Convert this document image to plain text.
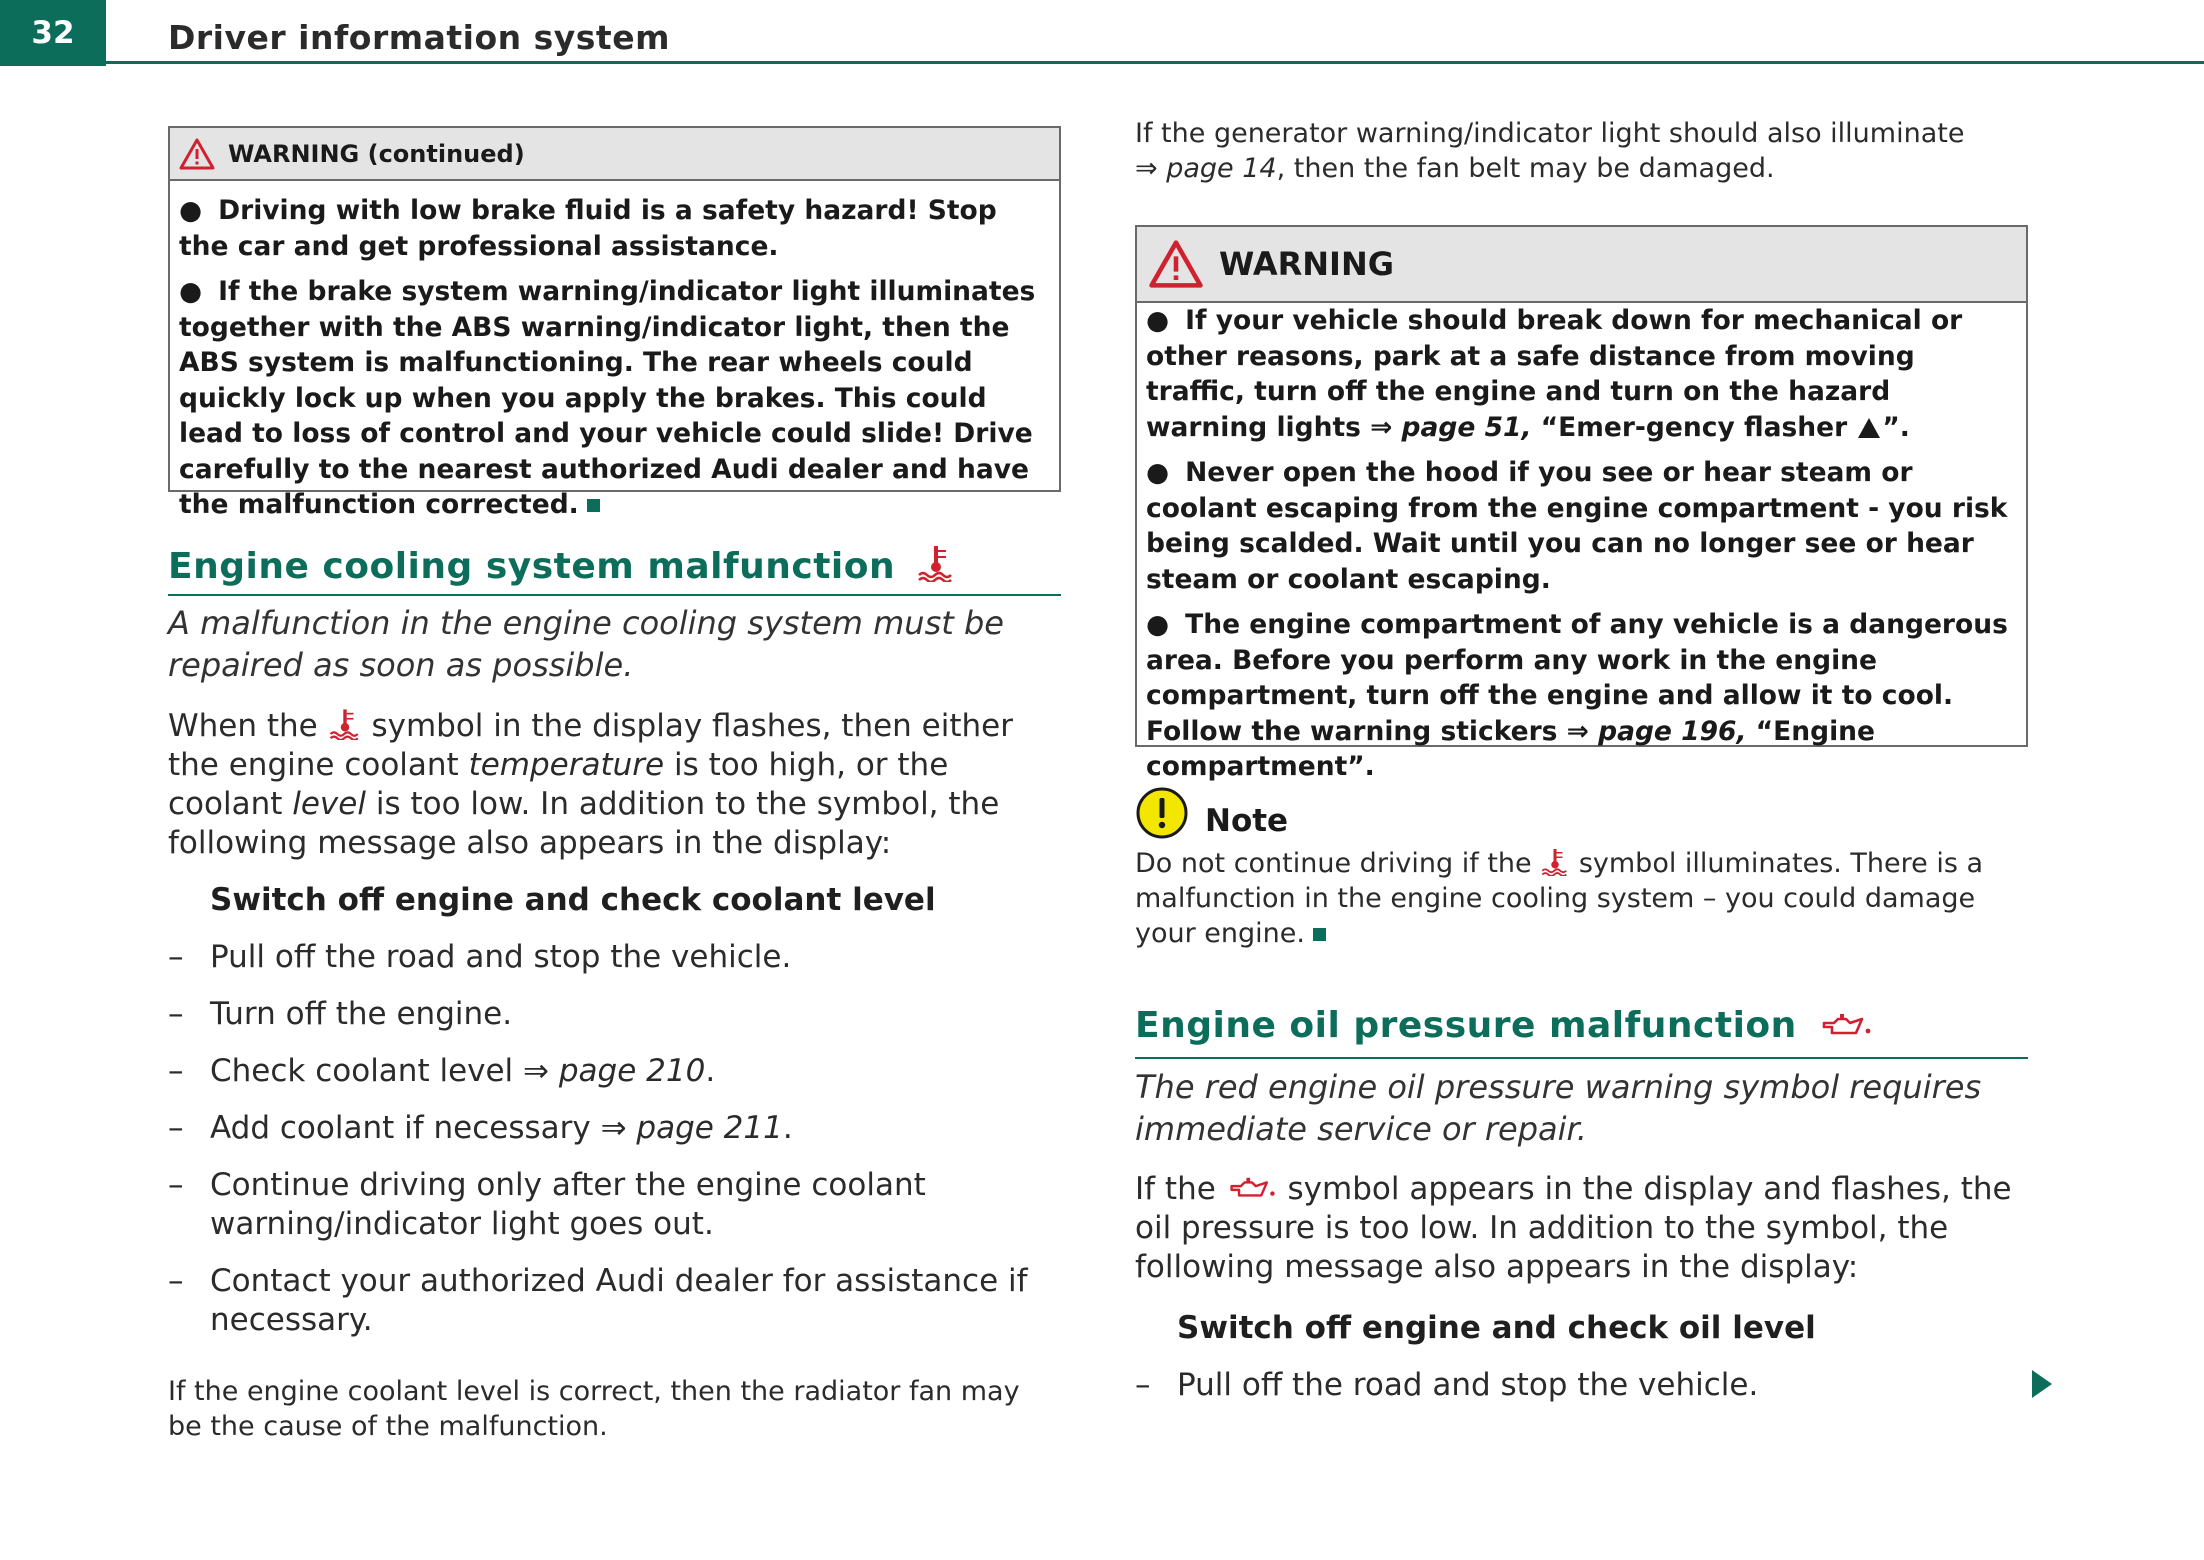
32	Driver information system
WARNING (continued)

● Driving with low brake fluid is a safety hazard! Stop the car and get professional assistance.

● If the brake system warning/indicator light illuminates together with the ABS warning/indicator light, then the ABS system is malfunctioning. The rear wheels could quickly lock up when you apply the brakes. This could lead to loss of control and your vehicle could slide! Drive carefully to the nearest authorized Audi dealer and have the malfunction corrected.

Engine cooling system malfunction

A malfunction in the engine cooling system must be repaired as soon as possible.

When the symbol in the display flashes, then either the engine coolant temperature is too high, or the coolant level is too low. In addition to the symbol, the following message also appears in the display:

Switch off engine and check coolant level
– Pull off the road and stop the vehicle.
– Turn off the engine.
– Check coolant level ⇒ page 210.
– Add coolant if necessary ⇒ page 211.
– Continue driving only after the engine coolant warning/indicator light goes out.
– Contact your authorized Audi dealer for assistance if necessary.

If the engine coolant level is correct, then the radiator fan may be the cause of the malfunction.

If the generator warning/indicator light should also illuminate
⇒ page 14, then the fan belt may be damaged.

WARNING

● If your vehicle should break down for mechanical or other reasons, park at a safe distance from moving traffic, turn off the engine and turn on the hazard warning lights ⇒ page 51, “Emer-gency flasher ”.

● Never open the hood if you see or hear steam or coolant escaping from the engine compartment - you risk being scalded. Wait until you can no longer see or hear steam or coolant escaping.

● The engine compartment of any vehicle is a dangerous area. Before you perform any work in the engine compartment, turn off the engine and allow it to cool. Follow the warning stickers ⇒ page 196, “Engine compartment”.

Note

Do not continue driving if the symbol illuminates. There is a malfunction in the engine cooling system – you could damage your engine.

Engine oil pressure malfunction

The red engine oil pressure warning symbol requires immediate service or repair.

If the symbol appears in the display and flashes, the oil pressure is too low. In addition to the symbol, the following message also appears in the display:

Switch off engine and check oil level
– Pull off the road and stop the vehicle.
